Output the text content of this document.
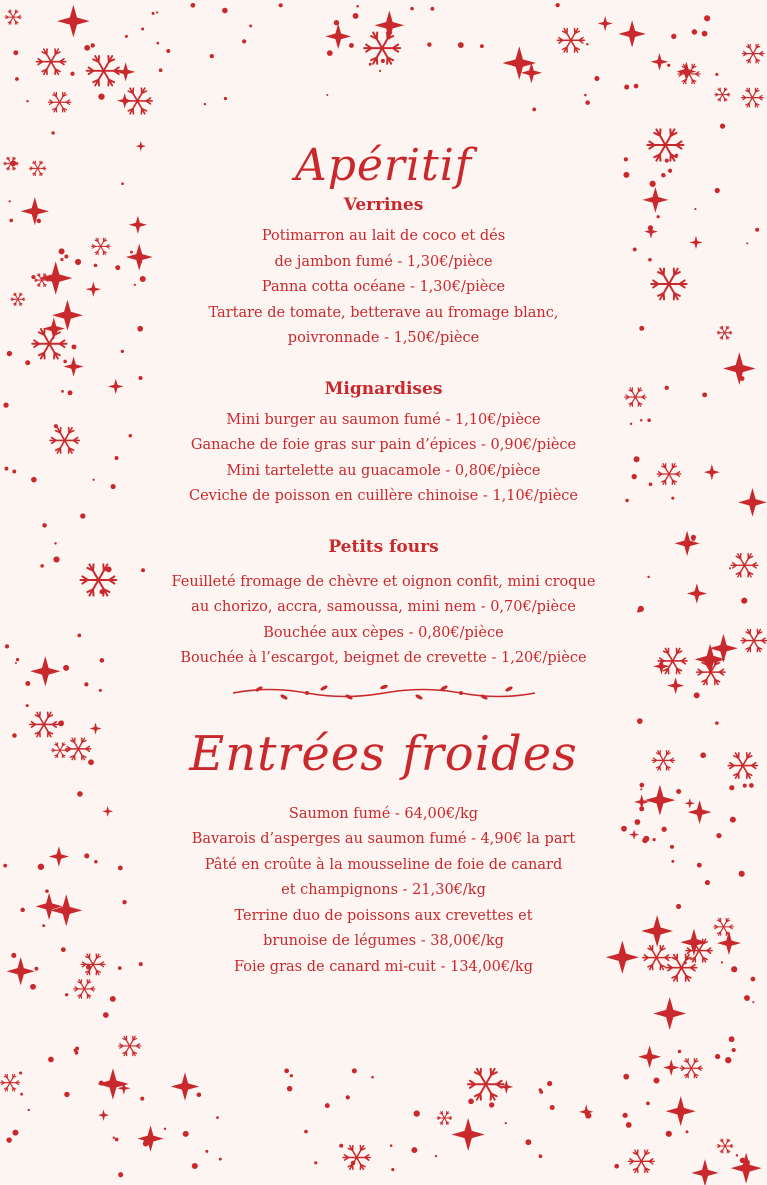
Apéritif
Verrines
Potimarron au lait de coco et dés
de jambon fumé - 1,30€/pièce
Panna cotta océane - 1,30€/pièce
Tartare de tomate, betterave au fromage blanc,
poivronnade - 1,50€/pièce
Mignardises
Mini burger au saumon fumé - 1,10€/pièce
Ganache de foie gras sur pain d’épices - 0,90€/pièce
Mini tartelette au guacamole - 0,80€/pièce
Ceviche de poisson en cuillère chinoise - 1,10€/pièce
Petits fours
Feuilleté fromage de chèvre et oignon confit, mini croque
au chorizo, accra, samoussa, mini nem - 0,70€/pièce
Bouchée aux cèpes - 0,80€/pièce
Bouchée à l’escargot, beignet de crevette - 1,20€/pièce
Entrées froides
Saumon fumé - 64,00€/kg
Bavarois d’asperges au saumon fumé - 4,90€ la part
Pâté en croûte à la mousseline de foie de canard
et champignons - 21,30€/kg
Terrine duo de poissons aux crevettes et
brunoise de légumes - 38,00€/kg
Foie gras de canard mi-cuit - 134,00€/kg
